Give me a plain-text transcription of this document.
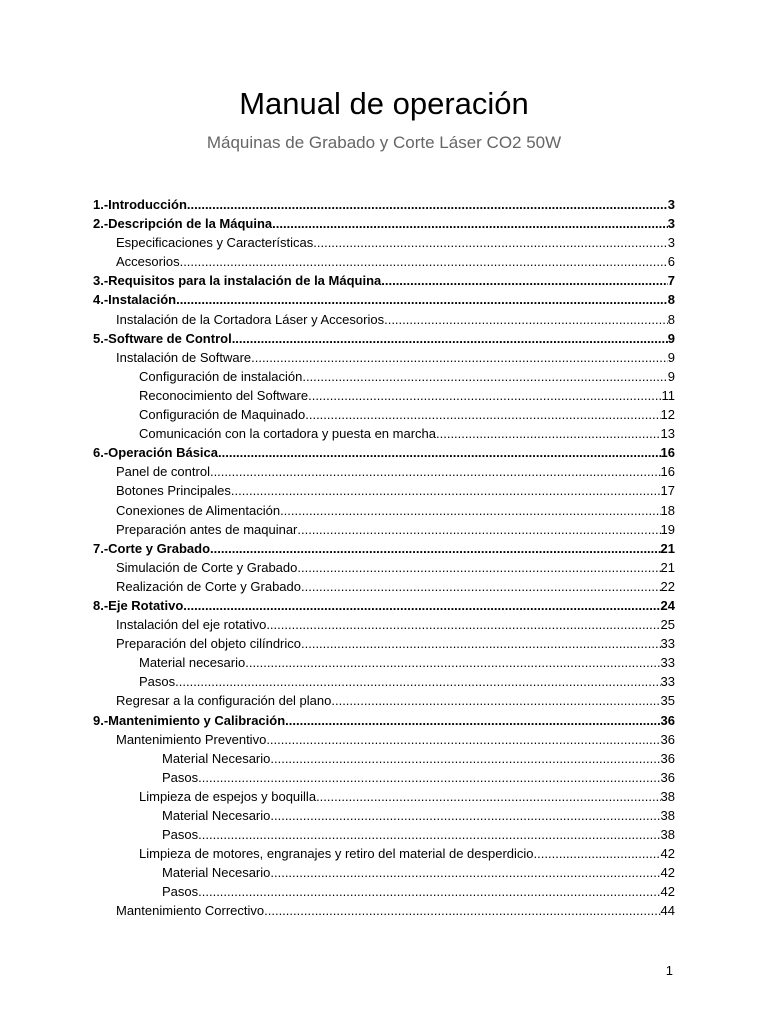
Manual de operación
Máquinas de Grabado y Corte Láser CO2 50W
1.-Introducción .....	3
2.-Descripción de la Máquina .....	3
Especificaciones y Características .....	3
Accesorios .....	6
3.-Requisitos para la instalación de la Máquina .....	7
4.-Instalación .....	8
Instalación de la Cortadora Láser y Accesorios .....	8
5.-Software de Control .....	9
Instalación de Software .....	9
Configuración de instalación .....	9
Reconocimiento del Software .....	11
Configuración de Maquinado .....	12
Comunicación con la cortadora y puesta en marcha .....	13
6.-Operación Básica .....	16
Panel de control .....	16
Botones Principales .....	17
Conexiones de Alimentación .....	18
Preparación antes de maquinar .....	19
7.-Corte y Grabado .....	21
Simulación de Corte y Grabado .....	21
Realización de Corte y Grabado .....	22
8.-Eje Rotativo .....	24
Instalación del eje rotativo .....	25
Preparación del objeto cilíndrico .....	33
Material necesario .....	33
Pasos .....	33
Regresar a la configuración del plano .....	35
9.-Mantenimiento y Calibración .....	36
Mantenimiento Preventivo .....	36
Material Necesario .....	36
Pasos .....	36
Limpieza de espejos y boquilla .....	38
Material Necesario .....	38
Pasos .....	38
Limpieza de motores, engranajes y retiro del material de desperdicio .....	42
Material Necesario .....	42
Pasos .....	42
Mantenimiento Correctivo .....	44
1
